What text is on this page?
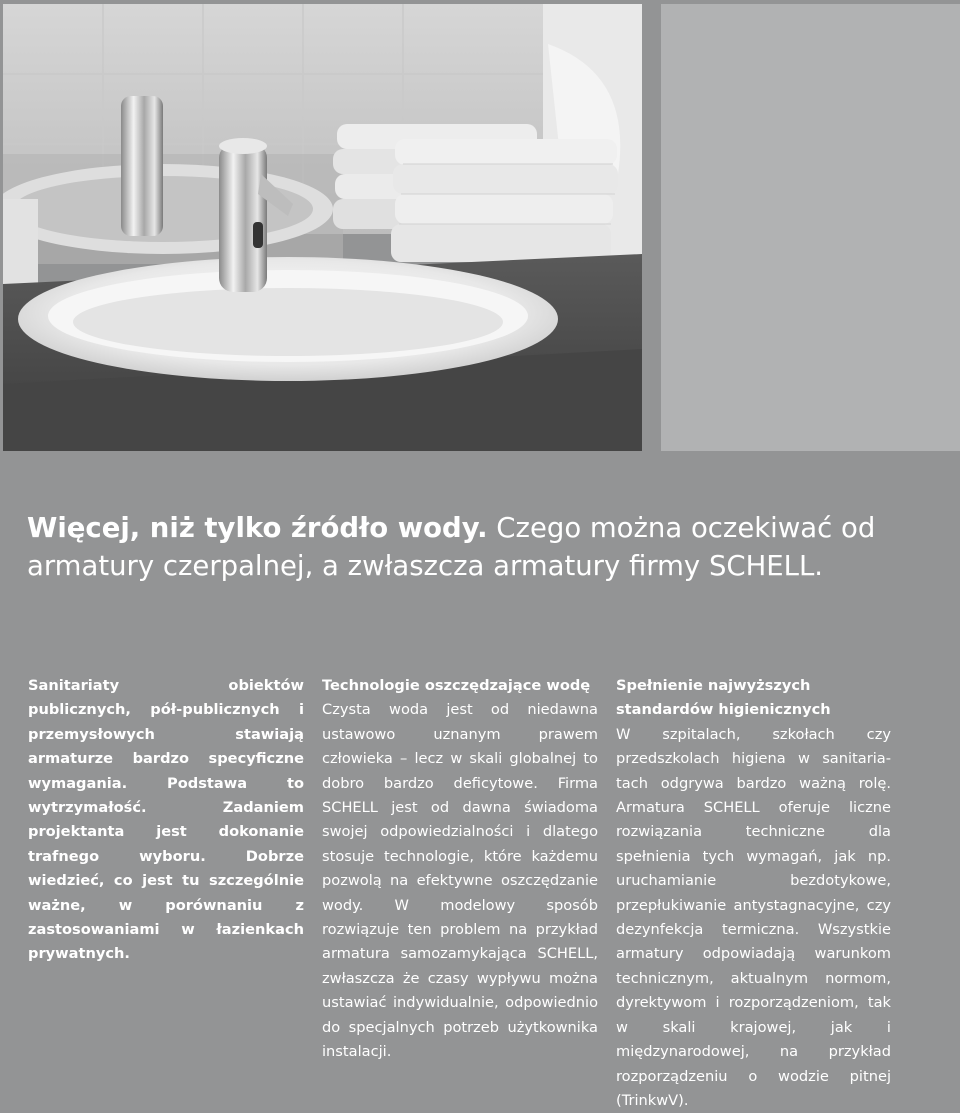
Więcej, niż tylko źródło wody. Czego można oczekiwać od armatury czerpalnej, a zwłaszcza armatury firmy SCHELL.

Sanitariaty obiektów publicznych, pół-publicznych i przemysłowych stawiają armaturze bardzo specyficzne wymagania. Podstawa to wytrzymałość. Zadaniem projektanta jest dokonanie trafnego wyboru. Dobrze wiedzieć, co jest tu szczególnie ważne, w porównaniu z zastosowaniami w łazienkach prywatnych.

Technologie oszczędzające wodę

Czysta woda jest od niedawna ustawowo uznanym prawem człowieka – lecz w skali globalnej to dobro bardzo deficytowe. Firma SCHELL jest od dawna świadoma swojej odpowiedzialności i dlatego stosuje technologie, które każdemu pozwolą na efektywne oszczędzanie wody. W modelowy sposób rozwiązuje ten problem na przykład armatura samozamykająca SCHELL, zwłaszcza że czasy wypływu można ustawiać indywidualnie, odpowiednio do specjalnych potrzeb użytkownika instalacji.

Spełnienie najwyższych

standardów higienicznych

W szpitalach, szkołach czy przedszkolach higiena w sanitariatach odgrywa bardzo ważną rolę. Armatura SCHELL oferuje liczne rozwiązania techniczne dla spełnienia tych wymagań, jak np. uruchamianie bezdotykowe, przepłukiwanie antystagnacyjne, czy dezynfekcja termiczna. Wszystkie armatury odpowiadają warunkom technicznym, aktualnym normom, dyrektywom i rozporządzeniom, tak w skali krajowej, jak i międzynarodowej, na przykład rozporządzeniu o wodzie pitnej (TrinkwV).
